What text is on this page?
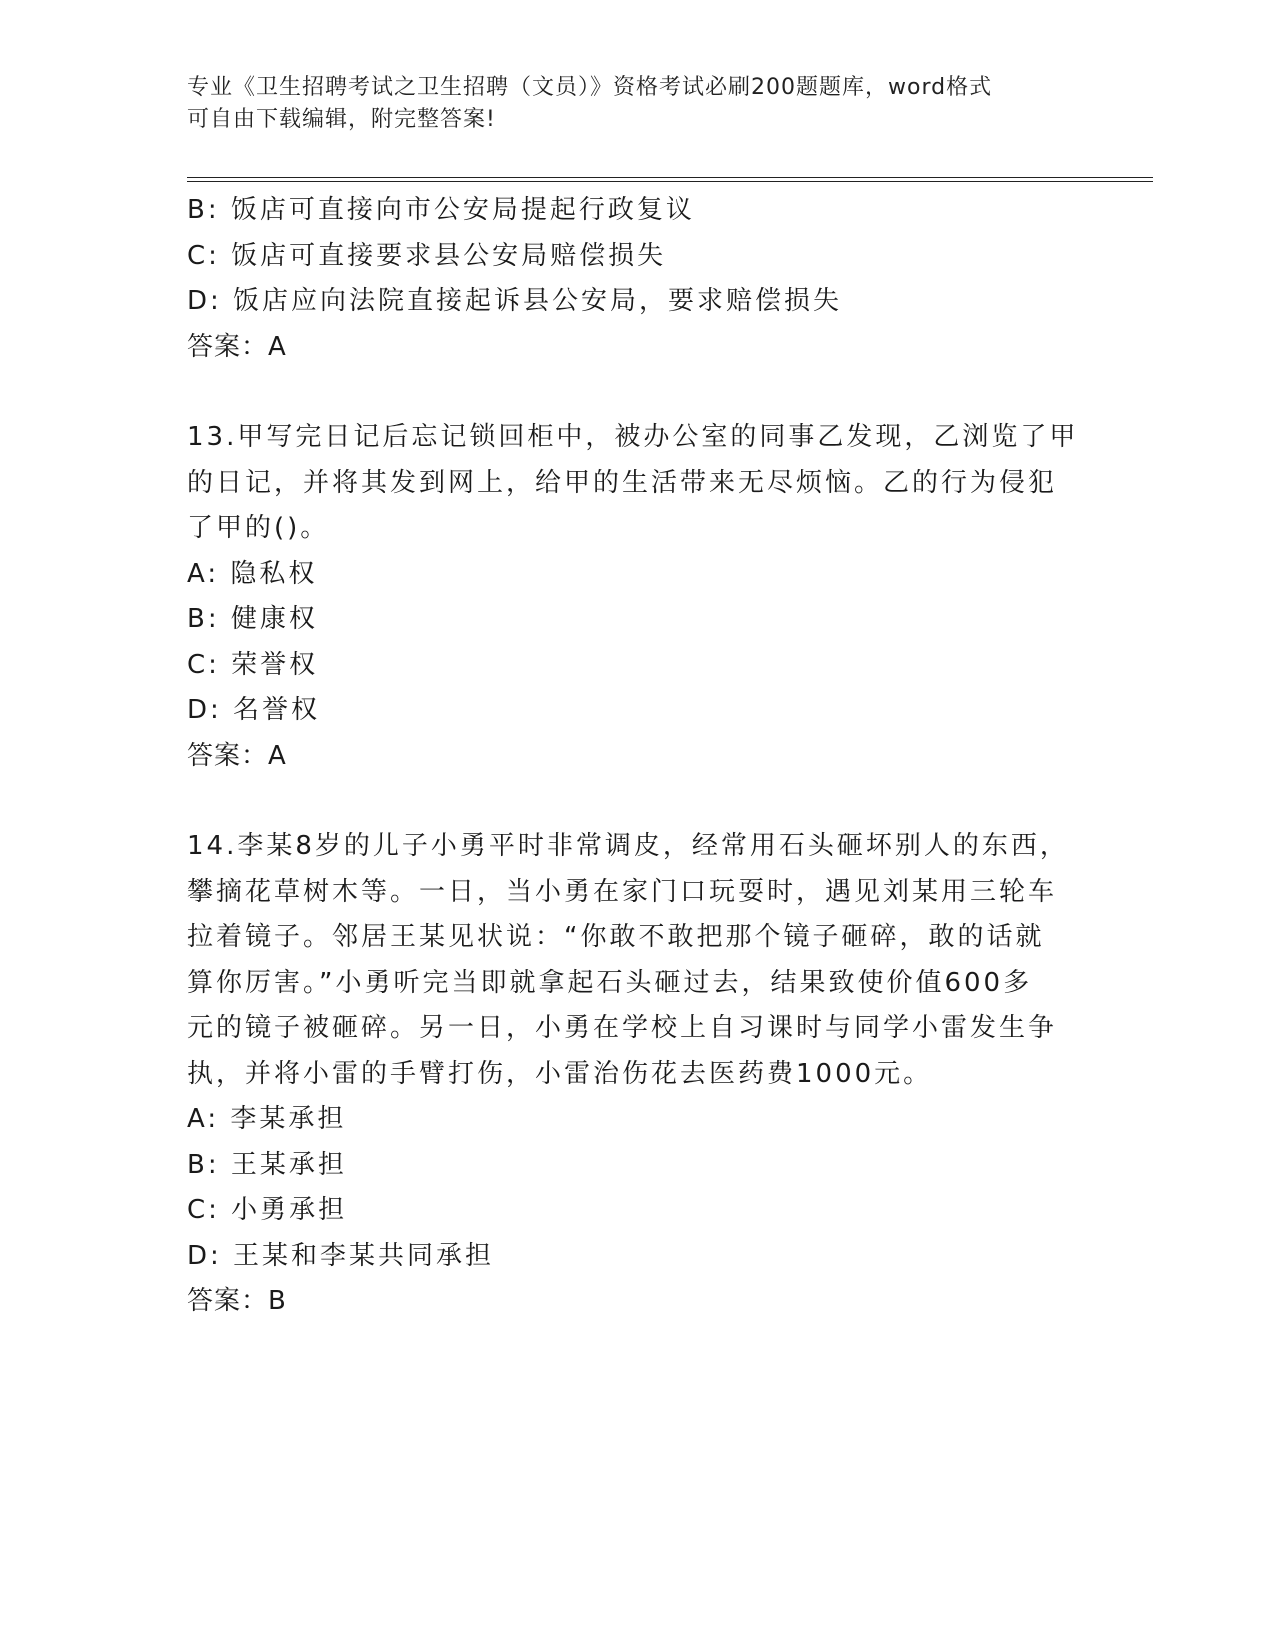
专业《卫生招聘考试之卫生招聘（文员）》资格考试必刷200题题库，word格式
可自由下载编辑，附完整答案!
B: 饭店可直接向市公安局提起行政复议
C: 饭店可直接要求县公安局赔偿损失
D: 饭店应向法院直接起诉县公安局，要求赔偿损失
答案：A
13.甲写完日记后忘记锁回柜中，被办公室的同事乙发现，乙浏览了甲
的日记，并将其发到网上，给甲的生活带来无尽烦恼。乙的行为侵犯
了甲的()。
A: 隐私权
B: 健康权
C: 荣誉权
D: 名誉权
答案：A
14.李某8岁的儿子小勇平时非常调皮，经常用石头砸坏别人的东西，
攀摘花草树木等。一日，当小勇在家门口玩耍时，遇见刘某用三轮车
拉着镜子。邻居王某见状说：“你敢不敢把那个镜子砸碎，敢的话就
算你厉害。”小勇听完当即就拿起石头砸过去，结果致使价值600多
元的镜子被砸碎。另一日，小勇在学校上自习课时与同学小雷发生争
执，并将小雷的手臂打伤，小雷治伤花去医药费1000元。
A: 李某承担
B: 王某承担
C: 小勇承担
D: 王某和李某共同承担
答案：B
